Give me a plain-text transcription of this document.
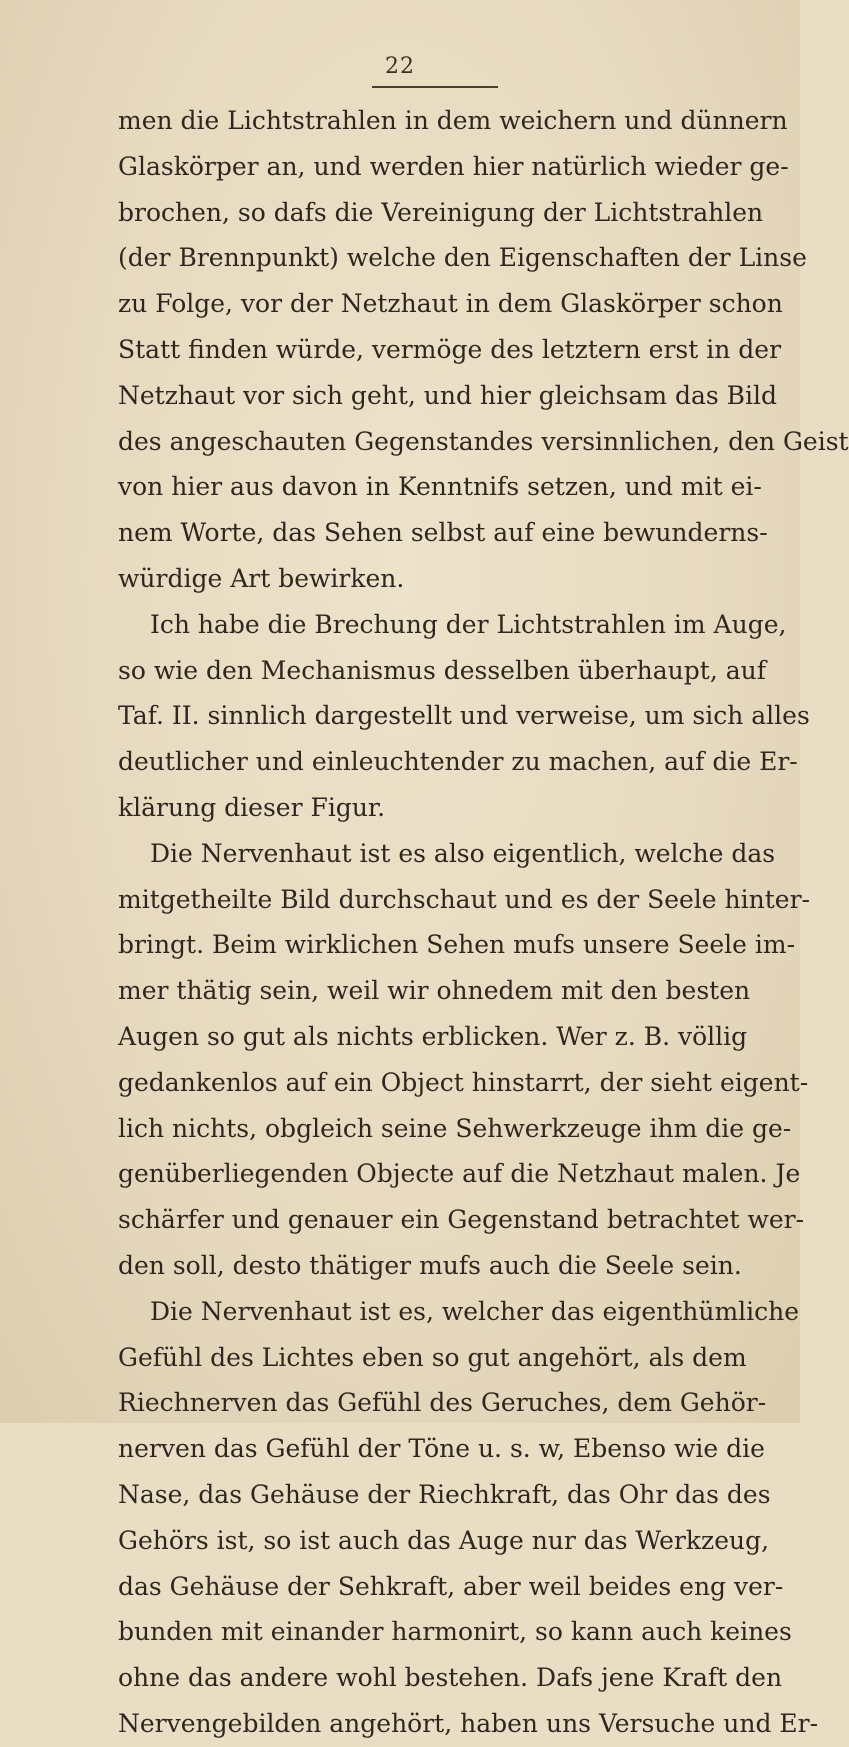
22
men die Lichtstrahlen in dem weichern und dünnern
Glaskörper an, und werden hier natürlich wieder ge-
brochen, so dafs die Vereinigung der Lichtstrahlen
(der Brennpunkt) welche den Eigenschaften der Linse
zu Folge, vor der Netzhaut in dem Glaskörper schon
Statt finden würde, vermöge des letztern erst in der
Netzhaut vor sich geht, und hier gleichsam das Bild
des angeschauten Gegenstandes versinnlichen, den Geist
von hier aus davon in Kenntnifs setzen, und mit ei-
nem Worte, das Sehen selbst auf eine bewunderns-
würdige Art bewirken.
Ich habe die Brechung der Lichtstrahlen im Auge,
so wie den Mechanismus desselben überhaupt, auf
Taf. II. sinnlich dargestellt und verweise, um sich alles
deutlicher und einleuchtender zu machen, auf die Er-
klärung dieser Figur.
Die Nervenhaut ist es also eigentlich, welche das
mitgetheilte Bild durchschaut und es der Seele hinter-
bringt. Beim wirklichen Sehen mufs unsere Seele im-
mer thätig sein, weil wir ohnedem mit den besten
Augen so gut als nichts erblicken. Wer z. B. völlig
gedankenlos auf ein Object hinstarrt, der sieht eigent-
lich nichts, obgleich seine Sehwerkzeuge ihm die ge-
genüberliegenden Objecte auf die Netzhaut malen. Je
schärfer und genauer ein Gegenstand betrachtet wer-
den soll, desto thätiger mufs auch die Seele sein.
Die Nervenhaut ist es, welcher das eigenthümliche
Gefühl des Lichtes eben so gut angehört, als dem
Riechnerven das Gefühl des Geruches, dem Gehör-
nerven das Gefühl der Töne u. s. w, Ebenso wie die
Nase, das Gehäuse der Riechkraft, das Ohr das des
Gehörs ist, so ist auch das Auge nur das Werkzeug,
das Gehäuse der Sehkraft, aber weil beides eng ver-
bunden mit einander harmonirt, so kann auch keines
ohne das andere wohl bestehen. Dafs jene Kraft den
Nervengebilden angehört, haben uns Versuche und Er-
